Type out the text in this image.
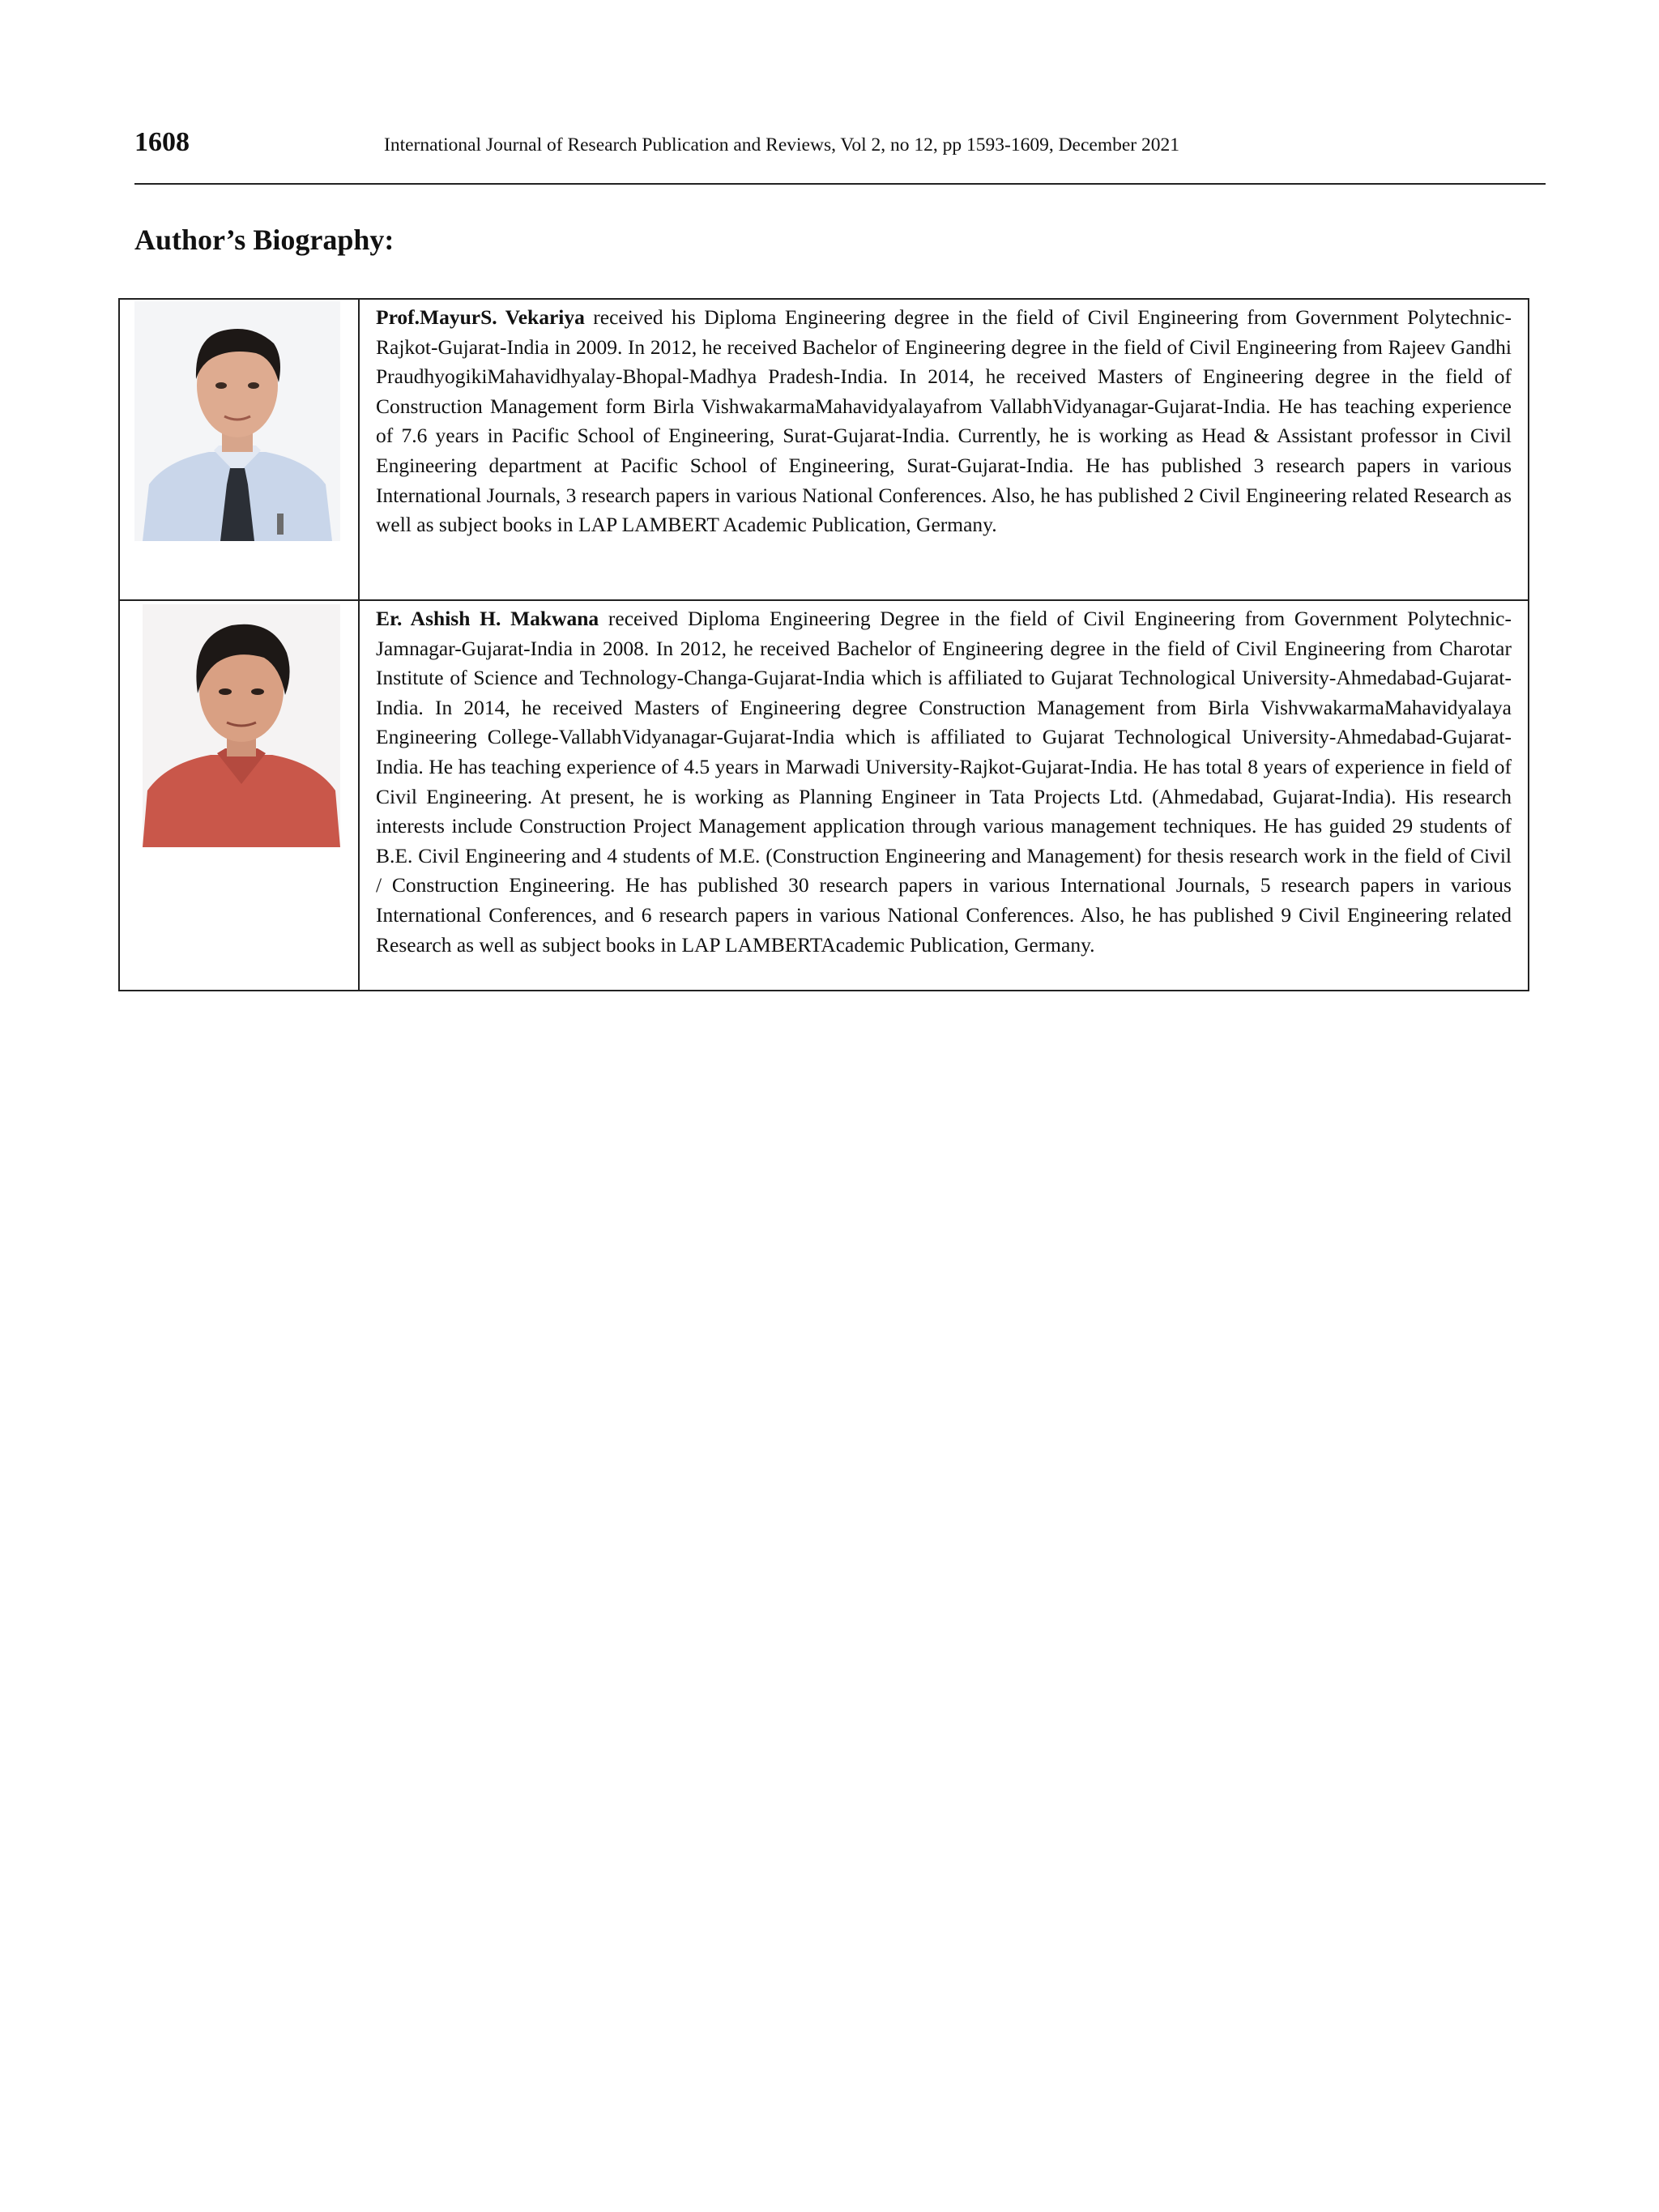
1608	International Journal of Research Publication and Reviews, Vol 2, no 12, pp 1593-1609, December 2021
Author’s Biography:
	Prof.MayurS. Vekariya received his Diploma Engineering degree in the field of Civil Engineering from Government Polytechnic-Rajkot-Gujarat-India in 2009. In 2012, he received Bachelor of Engineering degree in the field of Civil Engineering from Rajeev Gandhi PraudhyogikiMahavidhyalay-Bhopal-Madhya Pradesh-India. In 2014, he received Masters of Engineering degree in the field of Construction Management form Birla VishwakarmaMahavidyalayafrom VallabhVidyanagar-Gujarat-India. He has teaching experience of 7.6 years in Pacific School of Engineering, Surat-Gujarat-India. Currently, he is working as Head & Assistant professor in Civil Engineering department at Pacific School of Engineering, Surat-Gujarat-India. He has published 3 research papers in various International Journals, 3 research papers in various National Conferences. Also, he has published 2 Civil Engineering related Research as well as subject books in LAP LAMBERT Academic Publication, Germany.

	Er. Ashish H. Makwana received Diploma Engineering Degree in the field of Civil Engineering from Government Polytechnic-Jamnagar-Gujarat-India in 2008. In 2012, he received Bachelor of Engineering degree in the field of Civil Engineering from Charotar Institute of Science and Technology-Changa-Gujarat-India which is affiliated to Gujarat Technological University-Ahmedabad-Gujarat-India. In 2014, he received Masters of Engineering degree Construction Management from Birla VishvwakarmaMahavidyalaya Engineering College-VallabhVidyanagar-Gujarat-India which is affiliated to Gujarat Technological University-Ahmedabad-Gujarat-India. He has teaching experience of 4.5 years in Marwadi University-Rajkot-Gujarat-India. He has total 8 years of experience in field of Civil Engineering. At present, he is working as Planning Engineer in Tata Projects Ltd. (Ahmedabad, Gujarat-India). His research interests include Construction Project Management application through various management techniques. He has guided 29 students of B.E. Civil Engineering and 4 students of M.E. (Construction Engineering and Management) for thesis research work in the field of Civil / Construction Engineering. He has published 30 research papers in various International Journals, 5 research papers in various International Conferences, and 6 research papers in various National Conferences. Also, he has published 9 Civil Engineering related Research as well as subject books in LAP LAMBERTAcademic Publication, Germany.
